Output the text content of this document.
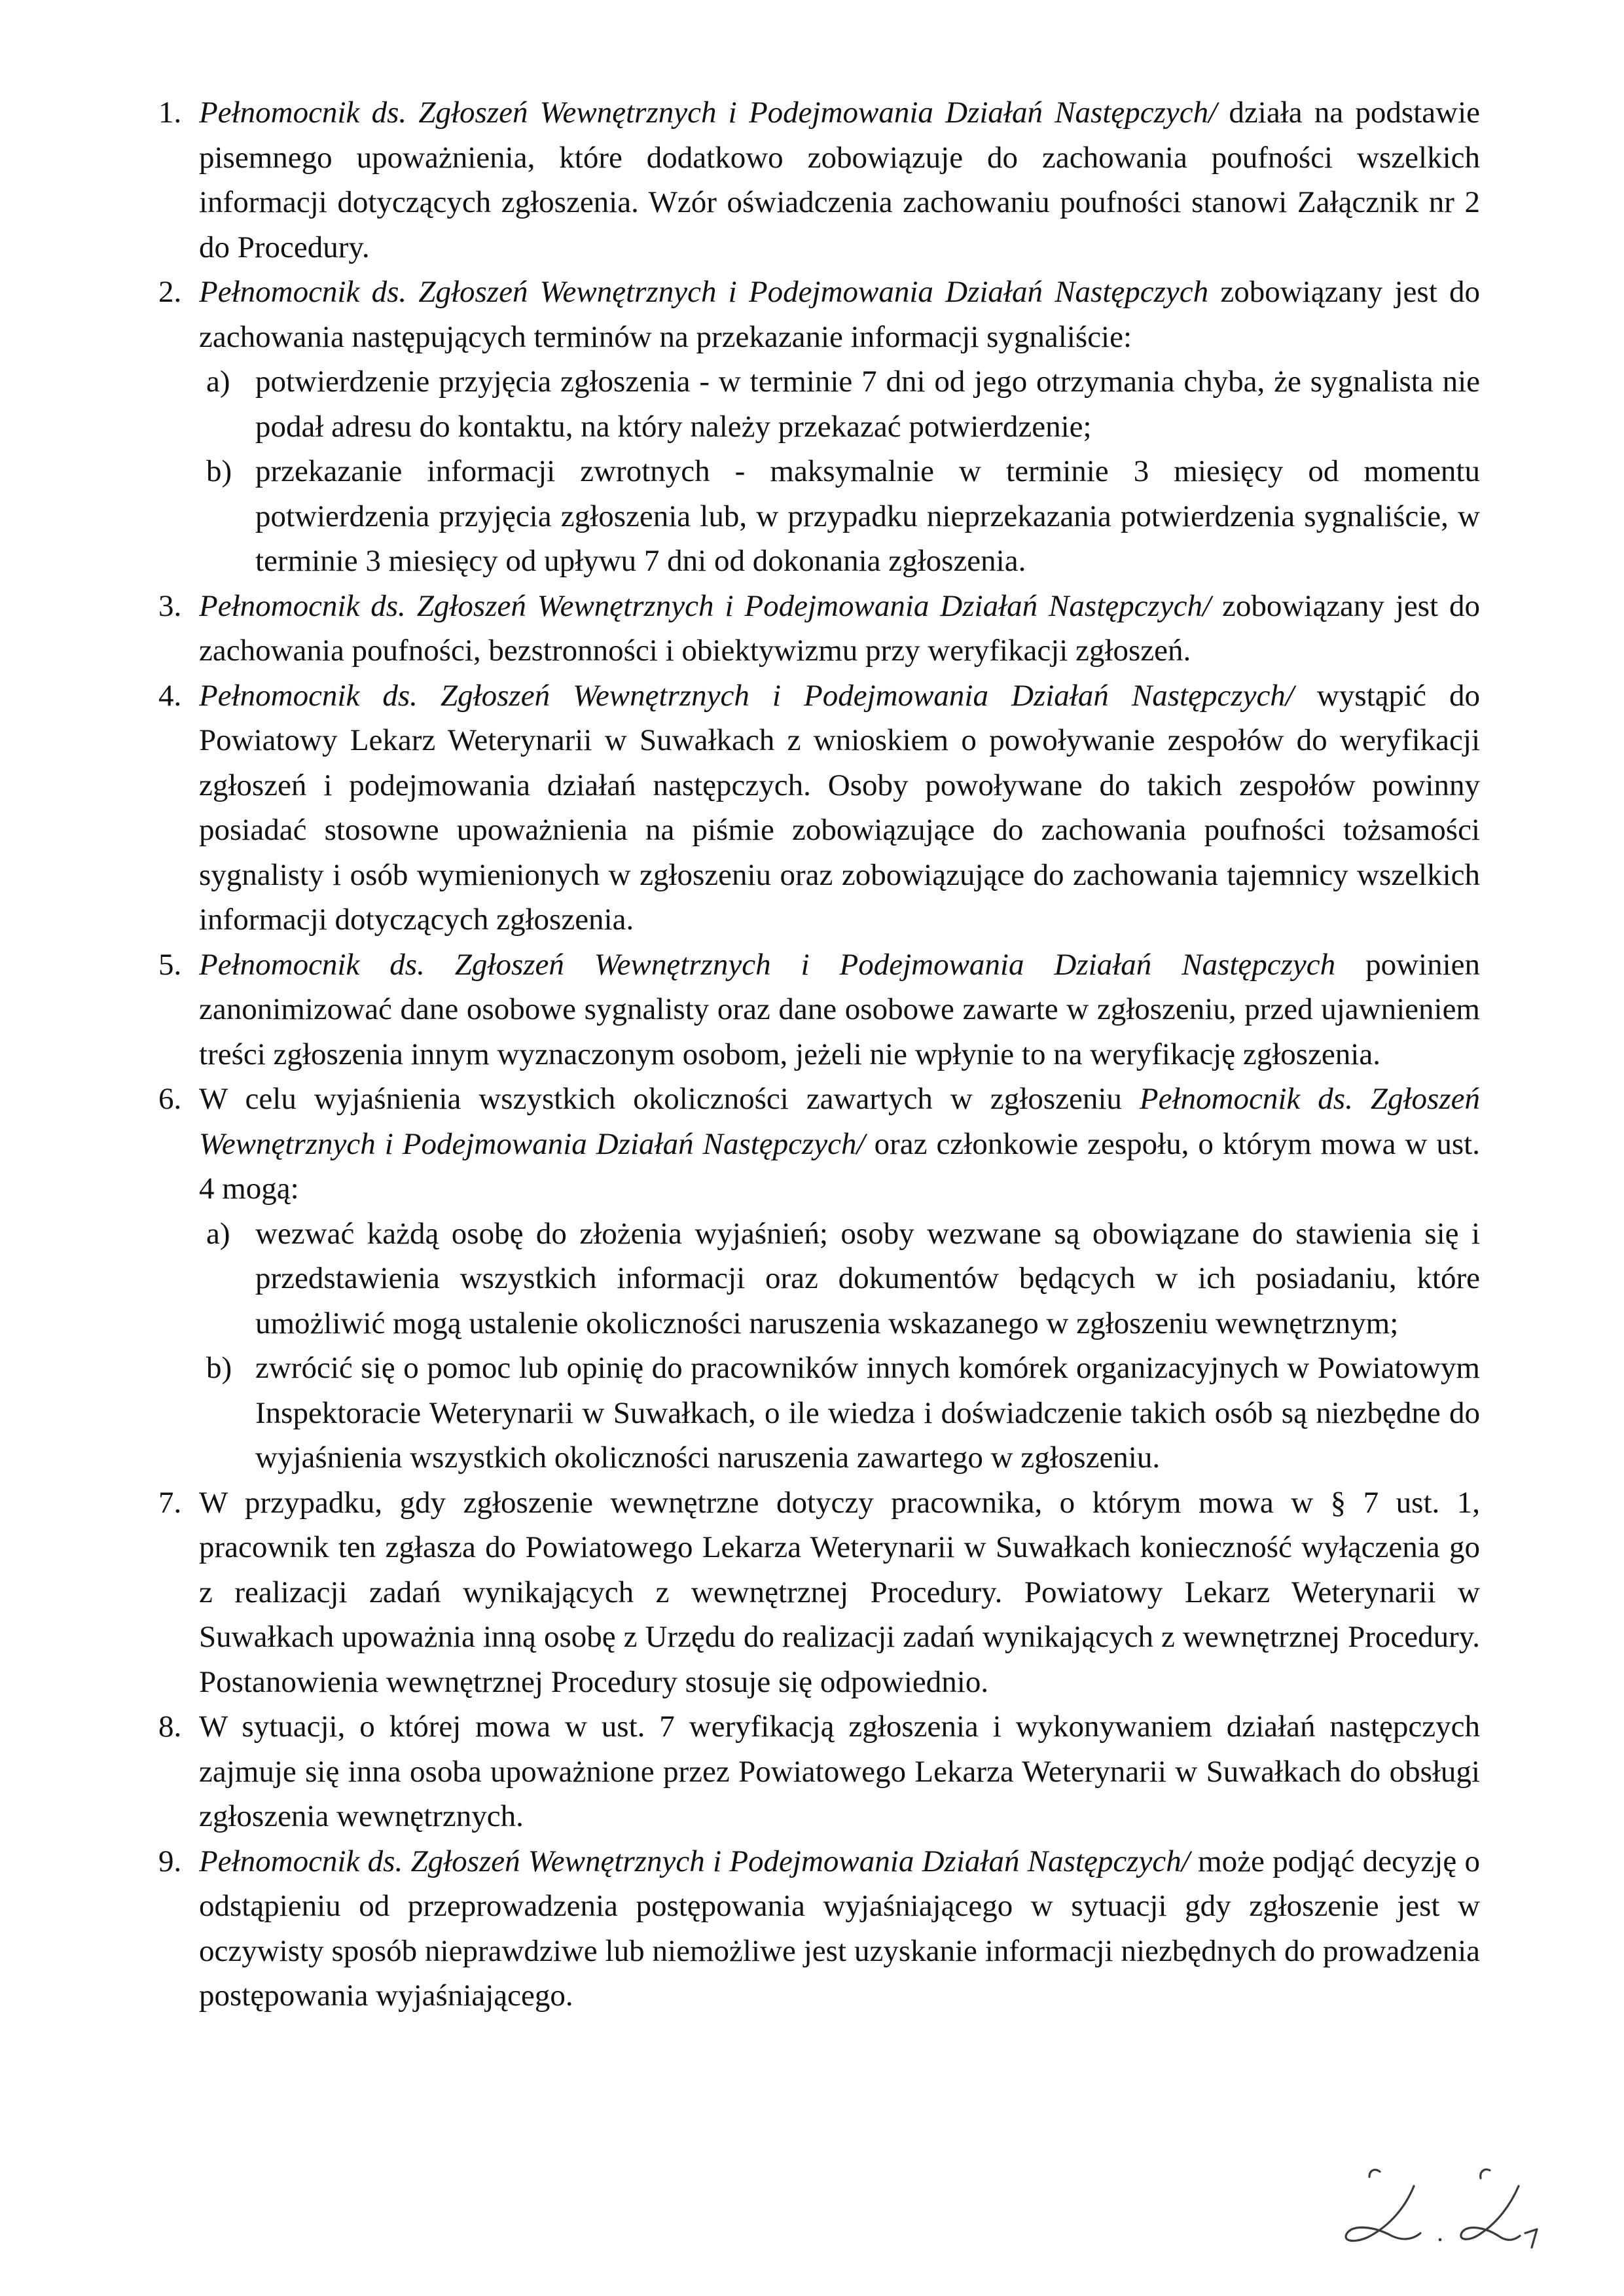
1. Pełnomocnik ds. Zgłoszeń Wewnętrznych i Podejmowania Działań Następczych/ działa na podstawie pisemnego upoważnienia, które dodatkowo zobowiązuje do zachowania poufności wszelkich informacji dotyczących zgłoszenia. Wzór oświadczenia zachowaniu poufności stanowi Załącznik nr 2 do Procedury.
2. Pełnomocnik ds. Zgłoszeń Wewnętrznych i Podejmowania Działań Następczych zobowiązany jest do zachowania następujących terminów na przekazanie informacji sygnaliście:
a) potwierdzenie przyjęcia zgłoszenia - w terminie 7 dni od jego otrzymania chyba, że sygnalista nie podał adresu do kontaktu, na który należy przekazać potwierdzenie;
b) przekazanie informacji zwrotnych - maksymalnie w terminie 3 miesięcy od momentu potwierdzenia przyjęcia zgłoszenia lub, w przypadku nieprzekazania potwierdzenia sygnaliście, w terminie 3 miesięcy od upływu 7 dni od dokonania zgłoszenia.
3. Pełnomocnik ds. Zgłoszeń Wewnętrznych i Podejmowania Działań Następczych/ zobowiązany jest do zachowania poufności, bezstronności i obiektywizmu przy weryfikacji zgłoszeń.
4. Pełnomocnik ds. Zgłoszeń Wewnętrznych i Podejmowania Działań Następczych/ wystąpić do Powiatowy Lekarz Weterynarii w Suwałkach z wnioskiem o powoływanie zespołów do weryfikacji zgłoszeń i podejmowania działań następczych. Osoby powoływane do takich zespołów powinny posiadać stosowne upoważnienia na piśmie zobowiązujące do zachowania poufności tożsamości sygnalisty i osób wymienionych w zgłoszeniu oraz zobowiązujące do zachowania tajemnicy wszelkich informacji dotyczących zgłoszenia.
5. Pełnomocnik ds. Zgłoszeń Wewnętrznych i Podejmowania Działań Następczych powinien zanonimizować dane osobowe sygnalisty oraz dane osobowe zawarte w zgłoszeniu, przed ujawnieniem treści zgłoszenia innym wyznaczonym osobom, jeżeli nie wpłynie to na weryfikację zgłoszenia.
6. W celu wyjaśnienia wszystkich okoliczności zawartych w zgłoszeniu Pełnomocnik ds. Zgłoszeń Wewnętrznych i Podejmowania Działań Następczych/ oraz członkowie zespołu, o którym mowa w ust. 4 mogą:
a) wezwać każdą osobę do złożenia wyjaśnień; osoby wezwane są obowiązane do stawienia się i przedstawienia wszystkich informacji oraz dokumentów będących w ich posiadaniu, które umożliwić mogą ustalenie okoliczności naruszenia wskazanego w zgłoszeniu wewnętrznym;
b) zwrócić się o pomoc lub opinię do pracowników innych komórek organizacyjnych w Powiatowym Inspektoracie Weterynarii w Suwałkach, o ile wiedza i doświadczenie takich osób są niezbędne do wyjaśnienia wszystkich okoliczności naruszenia zawartego w zgłoszeniu.
7. W przypadku, gdy zgłoszenie wewnętrzne dotyczy pracownika, o którym mowa w § 7 ust. 1, pracownik ten zgłasza do Powiatowego Lekarza Weterynarii w Suwałkach konieczność wyłączenia go z realizacji zadań wynikających z wewnętrznej Procedury. Powiatowy Lekarz Weterynarii w Suwałkach upoważnia inną osobę z Urzędu do realizacji zadań wynikających z wewnętrznej Procedury. Postanowienia wewnętrznej Procedury stosuje się odpowiednio.
8. W sytuacji, o której mowa w ust. 7 weryfikacją zgłoszenia i wykonywaniem działań następczych zajmuje się inna osoba upoważnione przez Powiatowego Lekarza Weterynarii w Suwałkach do obsługi zgłoszenia wewnętrznych.
9. Pełnomocnik ds. Zgłoszeń Wewnętrznych i Podejmowania Działań Następczych/ może podjąć decyzję o odstąpieniu od przeprowadzenia postępowania wyjaśniającego w sytuacji gdy zgłoszenie jest w oczywisty sposób nieprawdziwe lub niemożliwe jest uzyskanie informacji niezbędnych do prowadzenia postępowania wyjaśniającego.
